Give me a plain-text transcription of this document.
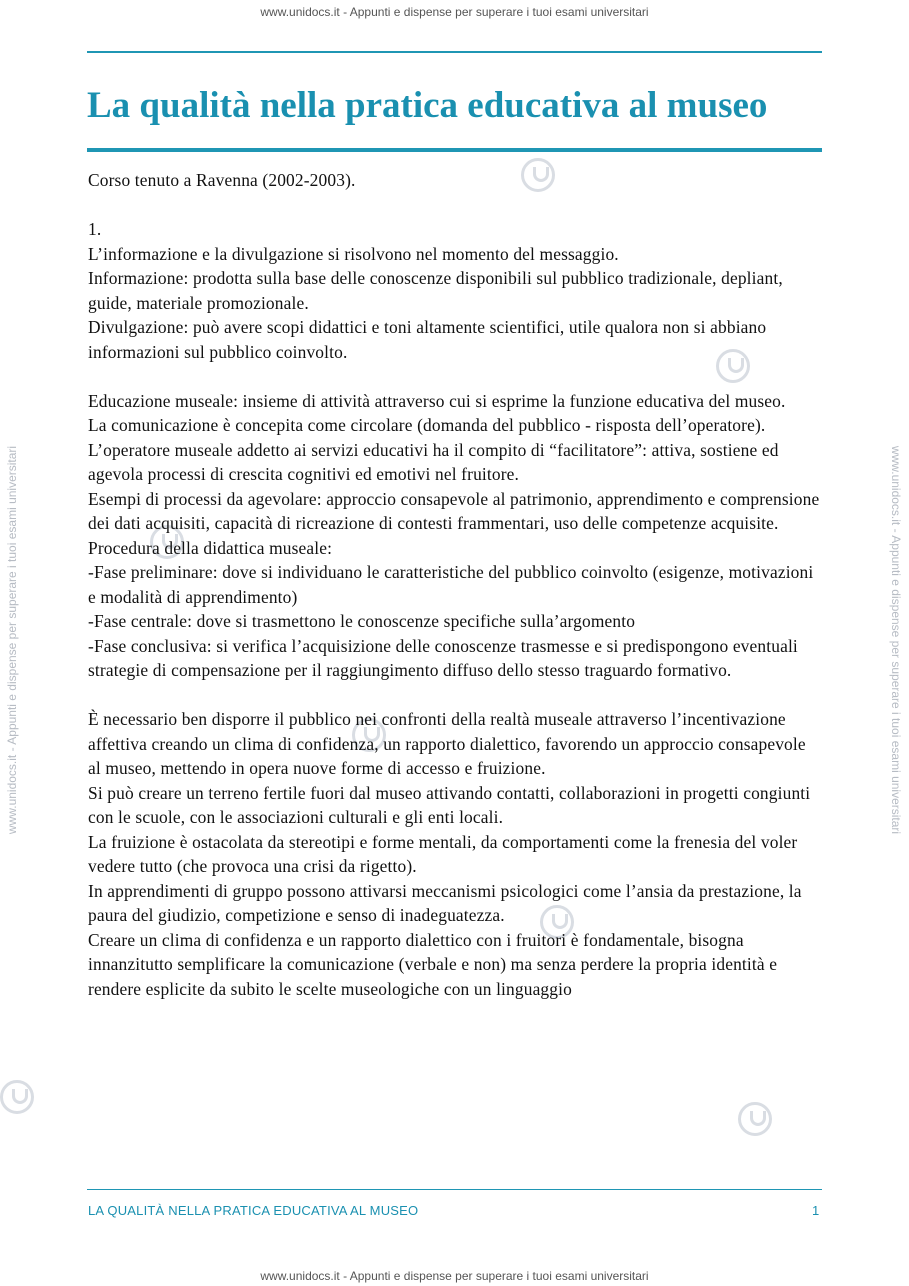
www.unidocs.it - Appunti e dispense per superare i tuoi esami universitari
www.unidocs.it - Appunti e dispense per superare i tuoi esami universitari	www.unidocs.it - Appunti e dispense per superare i tuoi esami universitari
La qualità nella pratica educativa al museo

Corso tenuto a Ravenna (2002-2003).

1.

L’informazione e la divulgazione si risolvono nel momento del messaggio.

Informazione: prodotta sulla base delle conoscenze disponibili sul pubblico tradizionale, depliant, guide, materiale promozionale.

Divulgazione: può avere scopi didattici e toni altamente scientifici, utile qualora non si abbiano informazioni sul pubblico coinvolto.

Educazione museale: insieme di attività attraverso cui si esprime la funzione educativa del museo.

La comunicazione è concepita come circolare (domanda del pubblico - risposta dell’operatore).

L’operatore museale addetto ai servizi educativi ha il compito di “facilitatore”: attiva, sostiene ed agevola processi di crescita cognitivi ed emotivi nel fruitore.

Esempi di processi da agevolare: approccio consapevole al patrimonio, apprendimento e comprensione dei dati acquisiti, capacità di ricreazione di contesti frammentari, uso delle competenze acquisite.

Procedura della didattica museale:

-Fase preliminare: dove si individuano le caratteristiche del pubblico coinvolto (esigenze, motivazioni e modalità di apprendimento)

-Fase centrale: dove si trasmettono le conoscenze specifiche sulla’argomento

-Fase conclusiva: si verifica l’acquisizione delle conoscenze trasmesse e si predispongono eventuali strategie di compensazione per il raggiungimento diffuso dello stesso traguardo formativo.

È necessario ben disporre il pubblico nei confronti della realtà museale attraverso l’incentivazione affettiva creando un clima di confidenza, un rapporto dialettico, favorendo un approccio consapevole al museo, mettendo in opera nuove forme di accesso e fruizione.

Si può creare un terreno fertile fuori dal museo attivando contatti, collaborazioni in progetti congiunti con le scuole, con le associazioni culturali e gli enti locali.

La fruizione è ostacolata da stereotipi e forme mentali, da comportamenti come la frenesia del voler vedere tutto (che provoca una crisi da rigetto).

In apprendimenti di gruppo possono attivarsi meccanismi psicologici come l’ansia da prestazione, la paura del giudizio, competizione e senso di inadeguatezza.

Creare un clima di confidenza e un rapporto dialettico con i fruitori è fondamentale, bisogna innanzitutto semplificare la comunicazione (verbale e non) ma senza perdere la propria identità e rendere esplicite da subito le scelte museologiche con un linguaggio

LA QUALITÀ NELLA PRATICA EDUCATIVA AL MUSEO	1
www.unidocs.it - Appunti e dispense per superare i tuoi esami universitari
